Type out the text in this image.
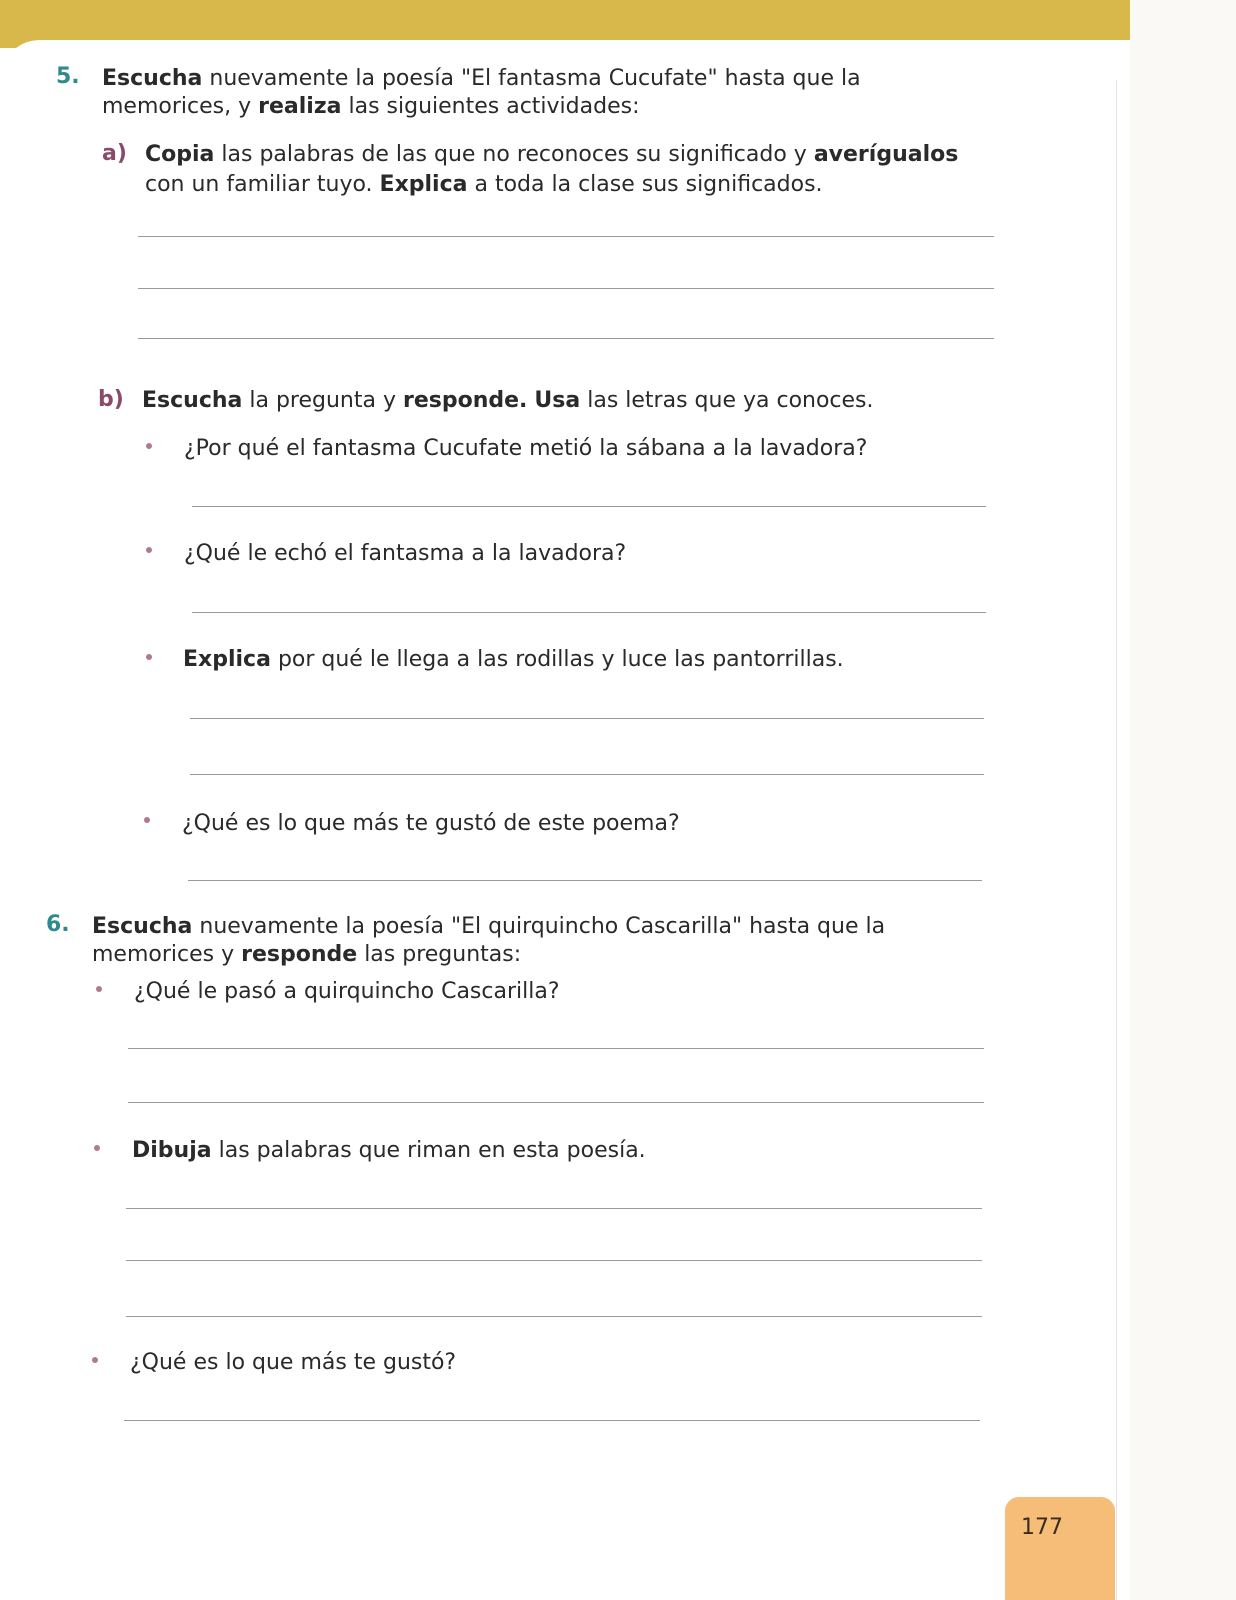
5. Escucha nuevamente la poesía "El fantasma Cucufate" hasta que la
memorices, y realiza las siguientes actividades:
a) Copia las palabras de las que no reconoces su significado y averígualos
con un familiar tuyo. Explica a toda la clase sus significados.
b) Escucha la pregunta y responde. Usa las letras que ya conoces.
¿Por qué el fantasma Cucufate metió la sábana a la lavadora?
¿Qué le echó el fantasma a la lavadora?
Explica por qué le llega a las rodillas y luce las pantorrillas.
¿Qué es lo que más te gustó de este poema?
6. Escucha nuevamente la poesía "El quirquincho Cascarilla" hasta que la
memorices y responde las preguntas:
¿Qué le pasó a quirquincho Cascarilla?
Dibuja las palabras que riman en esta poesía.
¿Qué es lo que más te gustó?
177
